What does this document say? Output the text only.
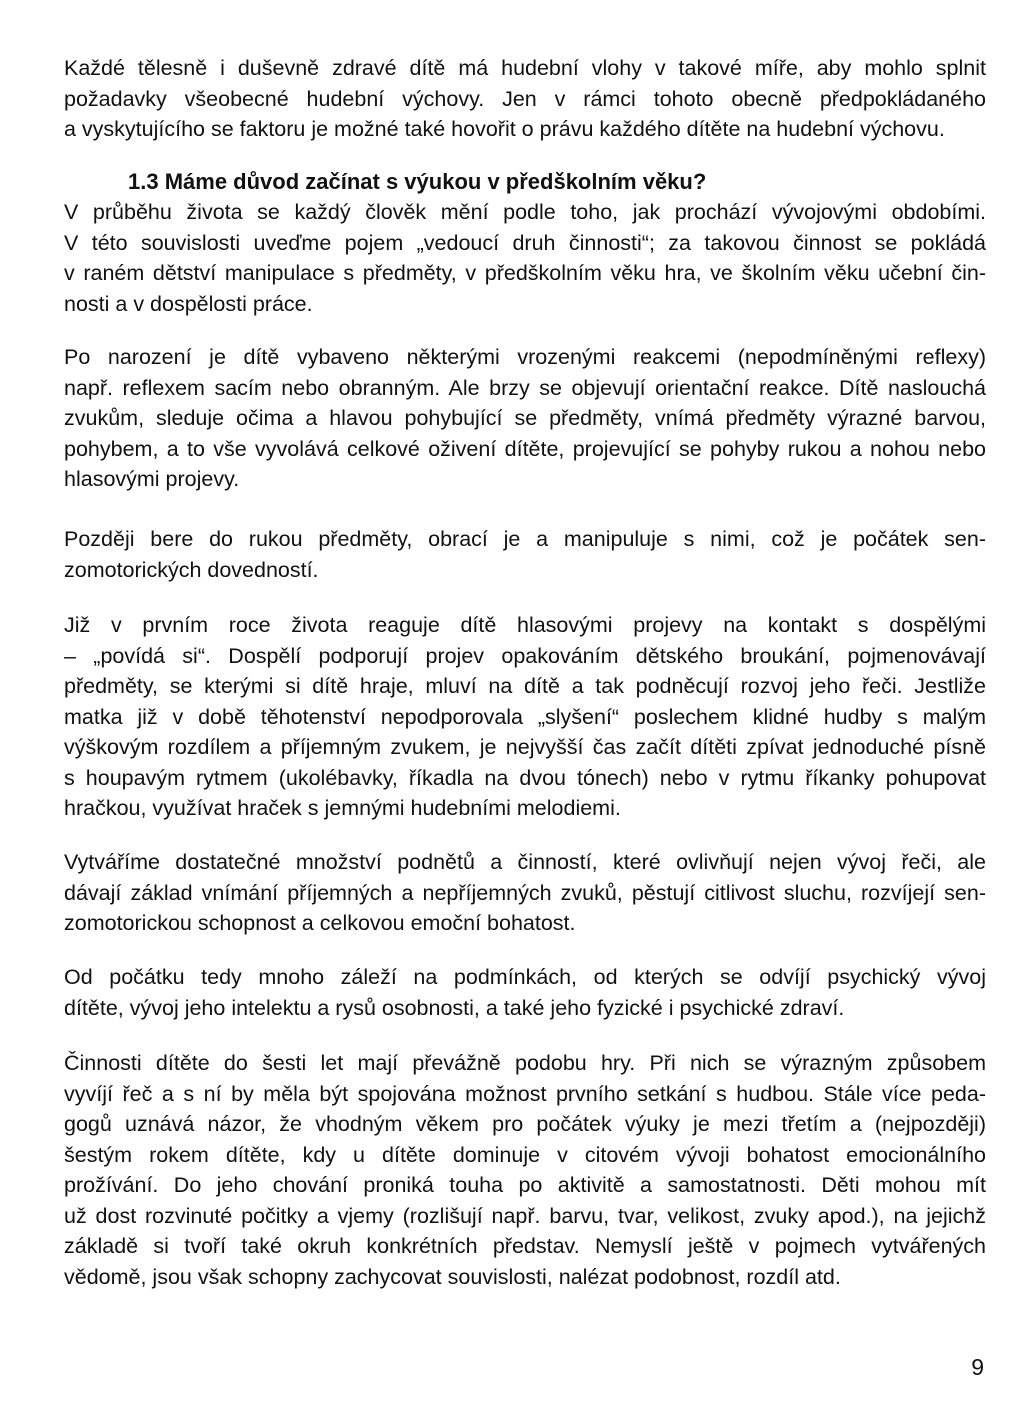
Každé tělesně i duševně zdravé dítě má hudební vlohy v takové míře, aby mohlo splnit
požadavky všeobecné hudební výchovy. Jen v rámci tohoto obecně předpokládaného
a vyskytujícího se faktoru je možné také hovořit o právu každého dítěte na hudební výchovu.

1.3 Máme důvod začínat s výukou v předškolním věku?

V průběhu života se každý člověk mění podle toho, jak prochází vývojovými obdobími.
V této souvislosti uveďme pojem „vedoucí druh činnosti“; za takovou činnost se pokládá
v raném dětství manipulace s předměty, v předškolním věku hra, ve školním věku učební čin-
nosti a v dospělosti práce.

Po narození je dítě vybaveno některými vrozenými reakcemi (nepodmíněnými reflexy)
např. reflexem sacím nebo obranným. Ale brzy se objevují orientační reakce. Dítě naslouchá
zvukům, sleduje očima a hlavou pohybující se předměty, vnímá předměty výrazné barvou,
pohybem, a to vše vyvolává celkové oživení dítěte, projevující se pohyby rukou a nohou nebo
hlasovými projevy.

Později bere do rukou předměty, obrací je a manipuluje s nimi, což je počátek sen-
zomotorických dovedností.

Již v prvním roce života reaguje dítě hlasovými projevy na kontakt s dospělými
– „povídá si“. Dospělí podporují projev opakováním dětského broukání, pojmenovávají
předměty, se kterými si dítě hraje, mluví na dítě a tak podněcují rozvoj jeho řeči. Jestliže
matka již v době těhotenství nepodporovala „slyšení“ poslechem klidné hudby s malým
výškovým rozdílem a příjemným zvukem, je nejvyšší čas začít dítěti zpívat jednoduché písně
s houpavým rytmem (ukolébavky, říkadla na dvou tónech) nebo v rytmu říkanky pohupovat
hračkou, využívat hraček s jemnými hudebními melodiemi.

Vytváříme dostatečné množství podnětů a činností, které ovlivňují nejen vývoj řeči, ale
dávají základ vnímání příjemných a nepříjemných zvuků, pěstují citlivost sluchu, rozvíjejí sen-
zomotorickou schopnost a celkovou emoční bohatost.

Od počátku tedy mnoho záleží na podmínkách, od kterých se odvíjí psychický vývoj
dítěte, vývoj jeho intelektu a rysů osobnosti, a také jeho fyzické i psychické zdraví.

Činnosti dítěte do šesti let mají převážně podobu hry. Při nich se výrazným způsobem
vyvíjí řeč a s ní by měla být spojována možnost prvního setkání s hudbou. Stále více peda-
gogů uznává názor, že vhodným věkem pro počátek výuky je mezi třetím a (nejpozději)
šestým rokem dítěte, kdy u dítěte dominuje v citovém vývoji bohatost emocionálního
prožívání. Do jeho chování proniká touha po aktivitě a samostatnosti. Děti mohou mít
už dost rozvinuté počitky a vjemy (rozlišují např. barvu, tvar, velikost, zvuky apod.), na jejichž
základě si tvoří také okruh konkrétních představ. Nemyslí ještě v pojmech vytvářených
vědomě, jsou však schopny zachycovat souvislosti, nalézat podobnost, rozdíl atd.

9
